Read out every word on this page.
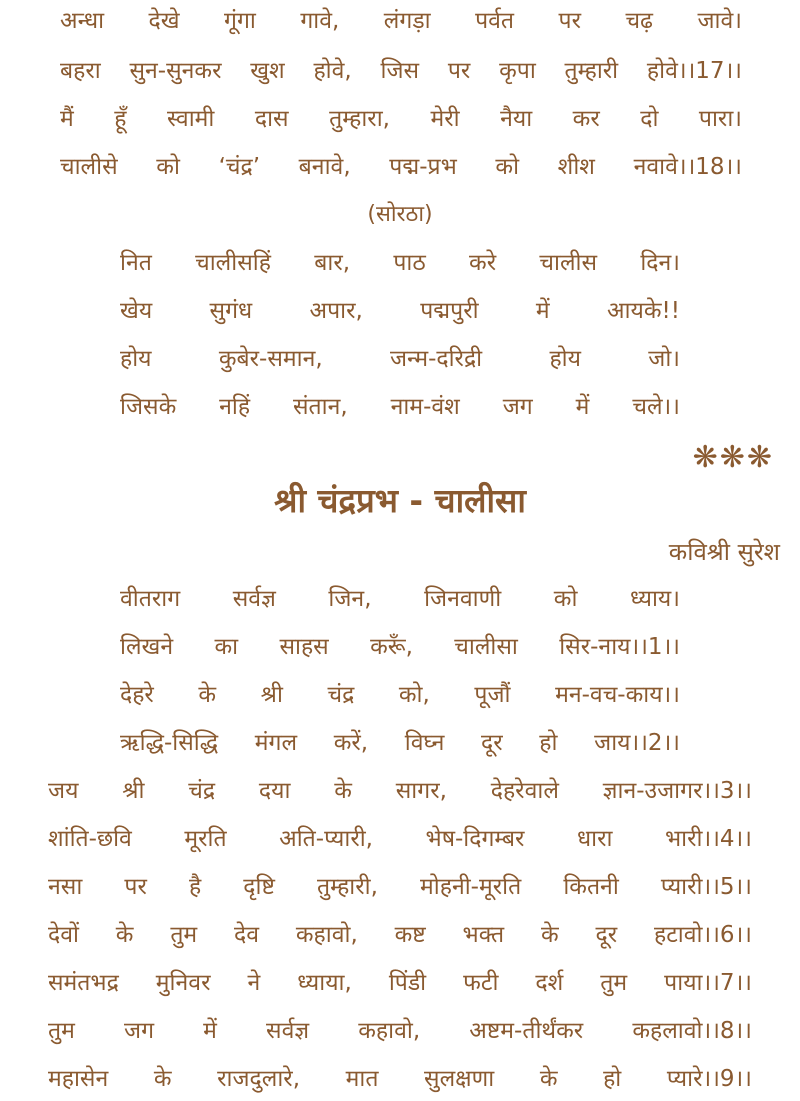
अन्धा देखे गूंगा गावे, लंगड़ा पर्वत पर चढ़ जावे।
बहरा सुन-सुनकर खुश होवे, जिस पर कृपा तुम्हारी होवे।।17।।
मैं हूँ स्वामी दास तुम्हारा, मेरी नैया कर दो पारा।
चालीसे को ‘चंद्र’ बनावे, पद्म-प्रभ को शीश नवावे।।18।।
(सोरठा)
नित चालीसहिं बार, पाठ करे चालीस दिन।
खेय सुगंध अपार, पद्मपुरी में आयके!!
होय कुबेर-समान, जन्म-दरिद्री होय जो।
जिसके नहिं संतान, नाम-वंश जग में चले।।
❋❋❋
श्री चंद्रप्रभ - चालीसा
कविश्री सुरेश
वीतराग सर्वज्ञ जिन, जिनवाणी को ध्याय।
लिखने का साहस करूँ, चालीसा सिर-नाय।।1।।
देहरे के श्री चंद्र को, पूजौं मन-वच-काय।।
ऋद्धि-सिद्धि मंगल करें, विघ्न दूर हो जाय।।2।।
जय श्री चंद्र दया के सागर, देहरेवाले ज्ञान-उजागर।।3।।
शांति-छवि मूरति अति-प्यारी, भेष-दिगम्बर धारा भारी।।4।।
नसा पर है दृष्टि तुम्हारी, मोहनी-मूरति कितनी प्यारी।।5।।
देवों के तुम देव कहावो, कष्ट भक्त के दूर हटावो।।6।।
समंतभद्र मुनिवर ने ध्याया, पिंडी फटी दर्श तुम पाया।।7।।
तुम जग में सर्वज्ञ कहावो, अष्टम-तीर्थंकर कहलावो।।8।।
महासेन के राजदुलारे, मात सुलक्षणा के हो प्यारे।।9।।
